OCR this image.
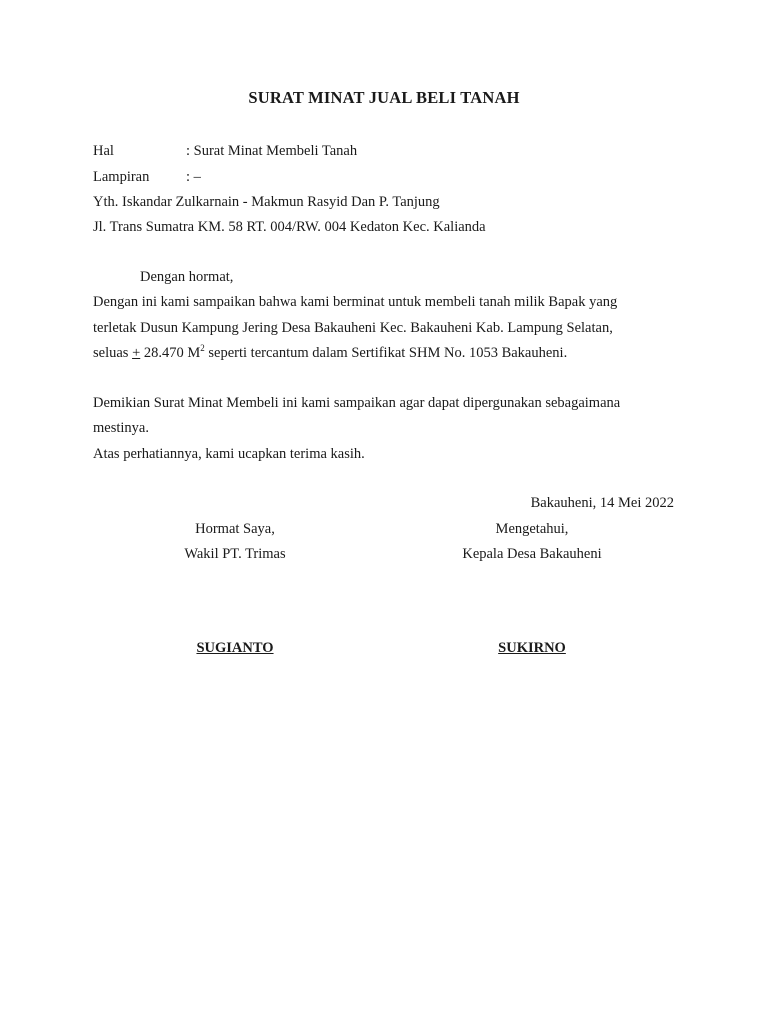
SURAT MINAT JUAL BELI TANAH
Hal	: Surat Minat Membeli Tanah
Lampiran	: –
Yth. Iskandar Zulkarnain - Makmun Rasyid Dan P. Tanjung
Jl. Trans Sumatra KM. 58 RT. 004/RW. 004 Kedaton Kec. Kalianda
Dengan hormat,
Dengan ini kami sampaikan bahwa kami berminat untuk membeli tanah milik Bapak yang
terletak Dusun Kampung Jering Desa Bakauheni Kec. Bakauheni Kab. Lampung Selatan,
seluas + 28.470 $M^2$ seperti tercantum dalam Sertifikat SHM No. 1053 Bakauheni.
Demikian Surat Minat Membeli ini kami sampaikan agar dapat dipergunakan sebagaimana
mestinya.
Atas perhatiannya, kami ucapkan terima kasih.
Bakauheni, 14 Mei 2022
Hormat Saya,
Wakil PT. Trimas
SUGIANTO
Mengetahui,
Kepala Desa Bakauheni
SUKIRNO
